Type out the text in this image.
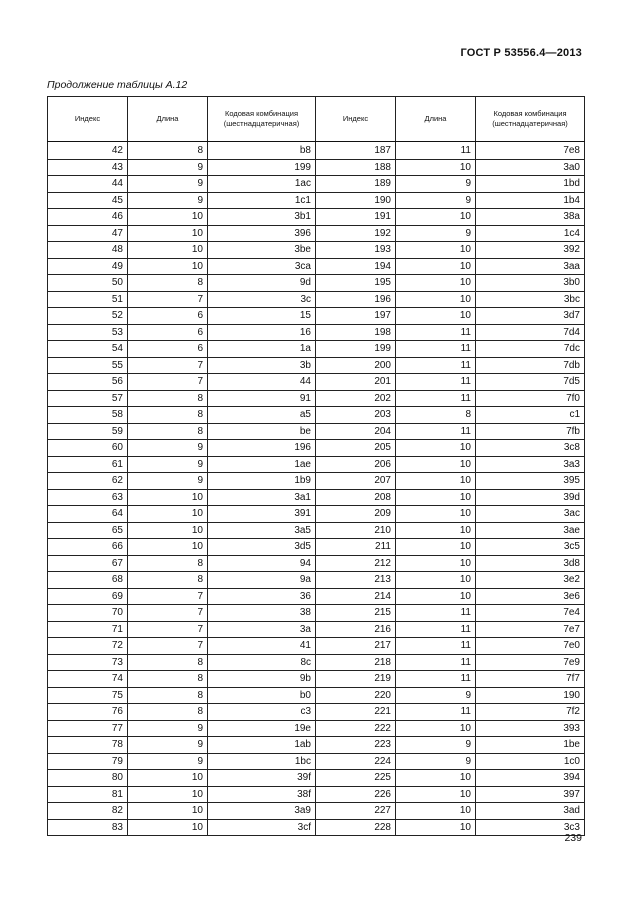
ГОСТ Р 53556.4—2013
Продолжение таблицы А.12
Индекс	Длина	Кодовая комбинация (шестнадцатеричная)	Индекс	Длина	Кодовая комбинация (шестнадцатеричная)
42	8	b8	187	11	7e8
43	9	199	188	10	3a0
44	9	1ac	189	9	1bd
45	9	1c1	190	9	1b4
46	10	3b1	191	10	38a
47	10	396	192	9	1c4
48	10	3be	193	10	392
49	10	3ca	194	10	3aa
50	8	9d	195	10	3b0
51	7	3c	196	10	3bc
52	6	15	197	10	3d7
53	6	16	198	11	7d4
54	6	1a	199	11	7dc
55	7	3b	200	11	7db
56	7	44	201	11	7d5
57	8	91	202	11	7f0
58	8	a5	203	8	c1
59	8	be	204	11	7fb
60	9	196	205	10	3c8
61	9	1ae	206	10	3a3
62	9	1b9	207	10	395
63	10	3a1	208	10	39d
64	10	391	209	10	3ac
65	10	3a5	210	10	3ae
66	10	3d5	211	10	3c5
67	8	94	212	10	3d8
68	8	9a	213	10	3e2
69	7	36	214	10	3e6
70	7	38	215	11	7e4
71	7	3a	216	11	7e7
72	7	41	217	11	7e0
73	8	8c	218	11	7e9
74	8	9b	219	11	7f7
75	8	b0	220	9	190
76	8	c3	221	11	7f2
77	9	19e	222	10	393
78	9	1ab	223	9	1be
79	9	1bc	224	9	1c0
80	10	39f	225	10	394
81	10	38f	226	10	397
82	10	3a9	227	10	3ad
83	10	3cf	228	10	3c3
239
